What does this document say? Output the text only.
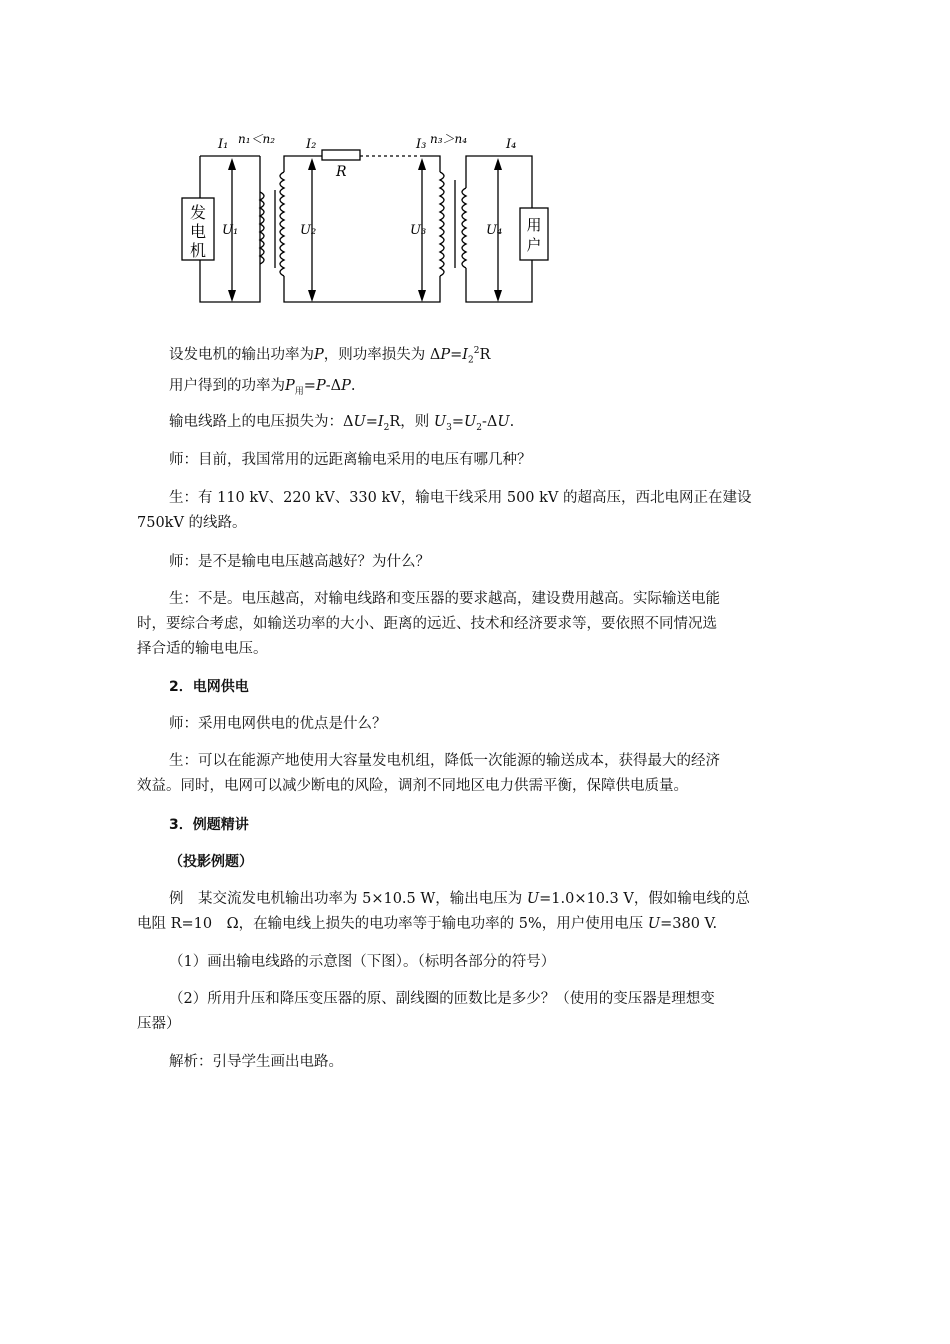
发
电
机
U₁
I₁ n₁＜n₂
R
I₂
U₂	U₃
I₃ n₃＞n₄	I₄
U₄ 用
户
设发电机的输出功率为P，则功率损失为 $\Delta P=I_2^2R$
用户得到的功率为$P_用=P-\Delta P$.
输电线路上的电压损失为：$\Delta U=I_2R$，则 $U_3=U_2-\Delta U$.
师：目前，我国常用的远距离输电采用的电压有哪几种？
生：有 110 kV、220 kV、330 kV，输电干线采用 500 kV 的超高压，西北电网正在建设
750kV 的线路。
师：是不是输电电压越高越好？为什么？
生：不是。电压越高，对输电线路和变压器的要求越高，建设费用越高。实际输送电能
时，要综合考虑，如输送功率的大小、距离的远近、技术和经济要求等，要依照不同情况选
择合适的输电电压。
2．电网供电
师：采用电网供电的优点是什么？
生：可以在能源产地使用大容量发电机组，降低一次能源的输送成本，获得最大的经济
效益。同时，电网可以减少断电的风险，调剂不同地区电力供需平衡，保障供电质量。
3．例题精讲
（投影例题）
例　某交流发电机输出功率为 5×10.5 W，输出电压为 U=1.0×10.3 V，假如输电线的总
电阻 R=10　Ω，在输电线上损失的电功率等于输电功率的 5%，用户使用电压 U=380 V.
（1）画出输电线路的示意图（下图）。（标明各部分的符号）
（2）所用升压和降压变压器的原、副线圈的匝数比是多少？（使用的变压器是理想变
压器）
解析：引导学生画出电路。
